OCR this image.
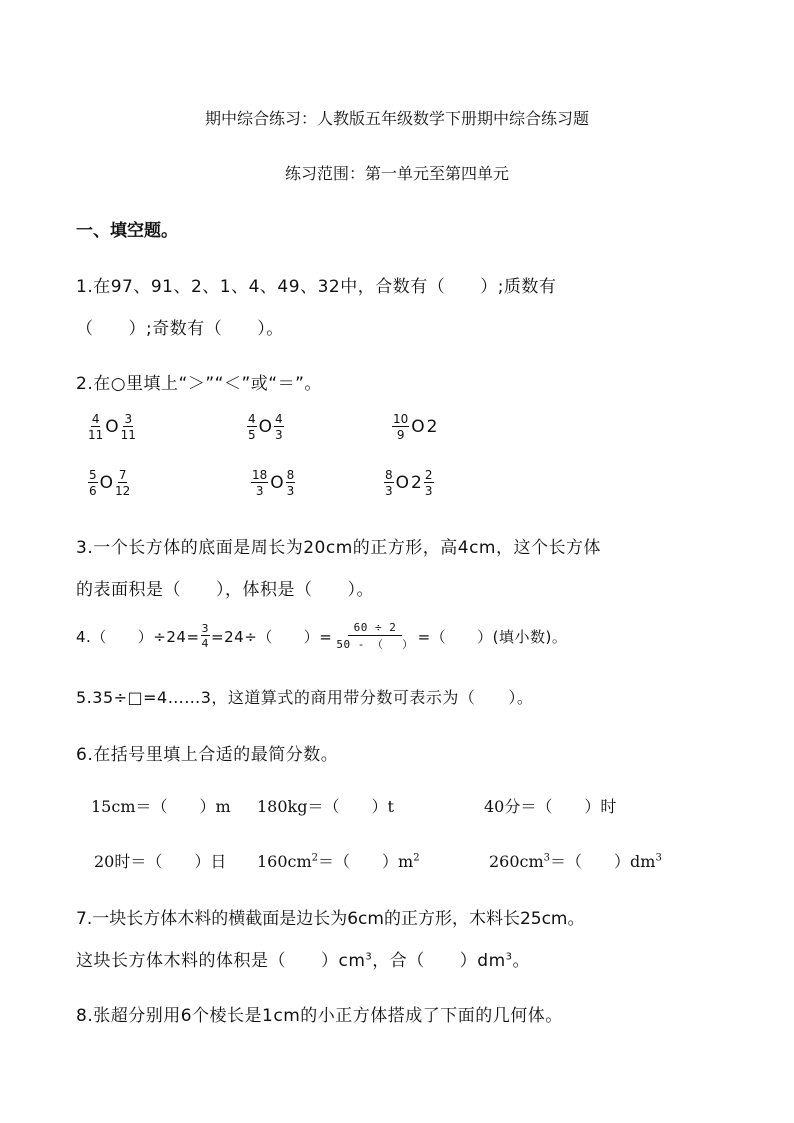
期中综合练习：人教版五年级数学下册期中综合练习题
练习范围：第一单元至第四单元
一、填空题。
1.在97、91、2、1、4、49、32中，合数有（　　）;质数有
（　　）;奇数有（　　）。
2.在○里填上“＞”“＜”或“＝”。
$\frac{4}{11}$ O $\frac{3}{11}$	$\frac{4}{5}$ O $\frac{4}{3}$	$\frac{10}{9}$ O 2
$\frac{5}{6}$ O $\frac{7}{12}$	$\frac{18}{3}$ O $\frac{8}{3}$	$\frac{8}{3}$ O $2 \frac{2}{3}$
3.一个长方体的底面是周长为20cm的正方形，高4cm，这个长方体
的表面积是（　　），体积是（　　）。
4.（　　）$\div 24= \frac{3}{4} =24\div$（　　）= $\frac{60 \div 2}{50 - ( )}$ =（　　）(填小数)。
5.35÷□=4……3，这道算式的商用带分数可表示为（　　）。
6.在括号里填上合适的最简分数。
15cm＝（　　）m 180kg＝（　　）t	40分＝（　　）时
20时＝（　　）日 $160cm^2=$（　　）$m^2$	$260cm^3=$（　　）$dm^3$
7.一块长方体木料的横截面是边长为6cm的正方形，木料长25cm。
这块长方体木料的体积是（　　）$cm^3$，合（　　）$dm^3$。
8.张超分别用6个棱长是1cm的小正方体搭成了下面的几何体。
